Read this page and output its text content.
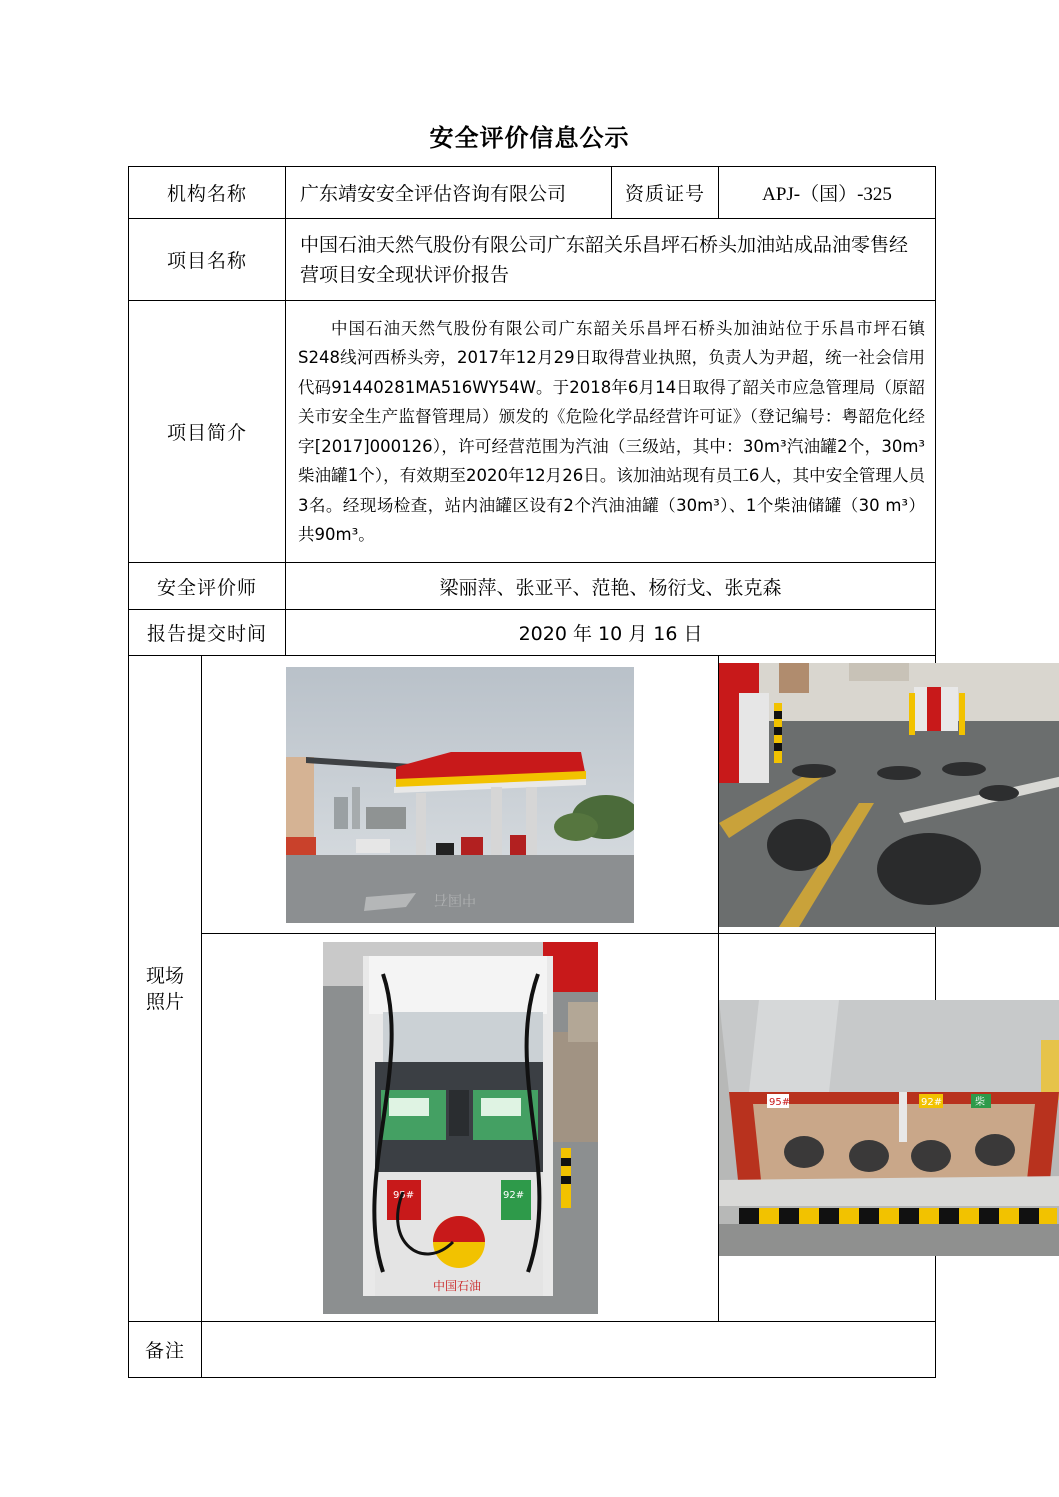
安全评价信息公示
机构名称		广东靖安安全评估咨询有限公司	资质证号	APJ-（国）-325
项目名称		中国石油天然气股份有限公司广东韶关乐昌坪石桥头加油站成品油零售经营项目安全现状评价报告		
项目简介		中国石油天然气股份有限公司广东韶关乐昌坪石桥头加油站位于乐昌市坪石镇S248线河西桥头旁，2017年12月29日取得营业执照，负责人为尹超，统一社会信用代码91440281MA516WY54W。于2018年6月14日取得了韶关市应急管理局（原韶关市安全生产监督管理局）颁发的《危险化学品经营许可证》（登记编号：粤韶危化经字[2017]000126），许可经营范围为汽油（三级站，其中：30m³汽油罐2个，30m³柴油罐1个），有效期至2020年12月26日。该加油站现有员工6人，其中安全管理人员3名。经现场检查，站内油罐区设有2个汽油油罐（30m³）、1个柴油储罐（30 m³）共90m³。		
安全评价师		梁丽萍、张亚平、范艳、杨衍戈、张克森		
报告提交时间		2020 年 10 月 16 日		

现场
照片	中国石

95# 92#
中国石油			95# 92# 柴

备注				
